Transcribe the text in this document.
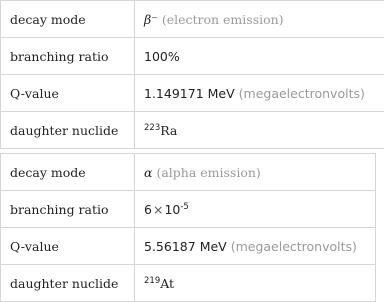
decay mode	β⁻ (electron emission)
branching ratio	100%
Q-value	1.149171 MeV (megaelectronvolts)
daughter nuclide	$^{223}$Ra
decay mode	α (alpha emission)
branching ratio	$6\times 10^{-5}$
Q-value	5.56187 MeV (megaelectronvolts)
daughter nuclide	$^{219}$At
